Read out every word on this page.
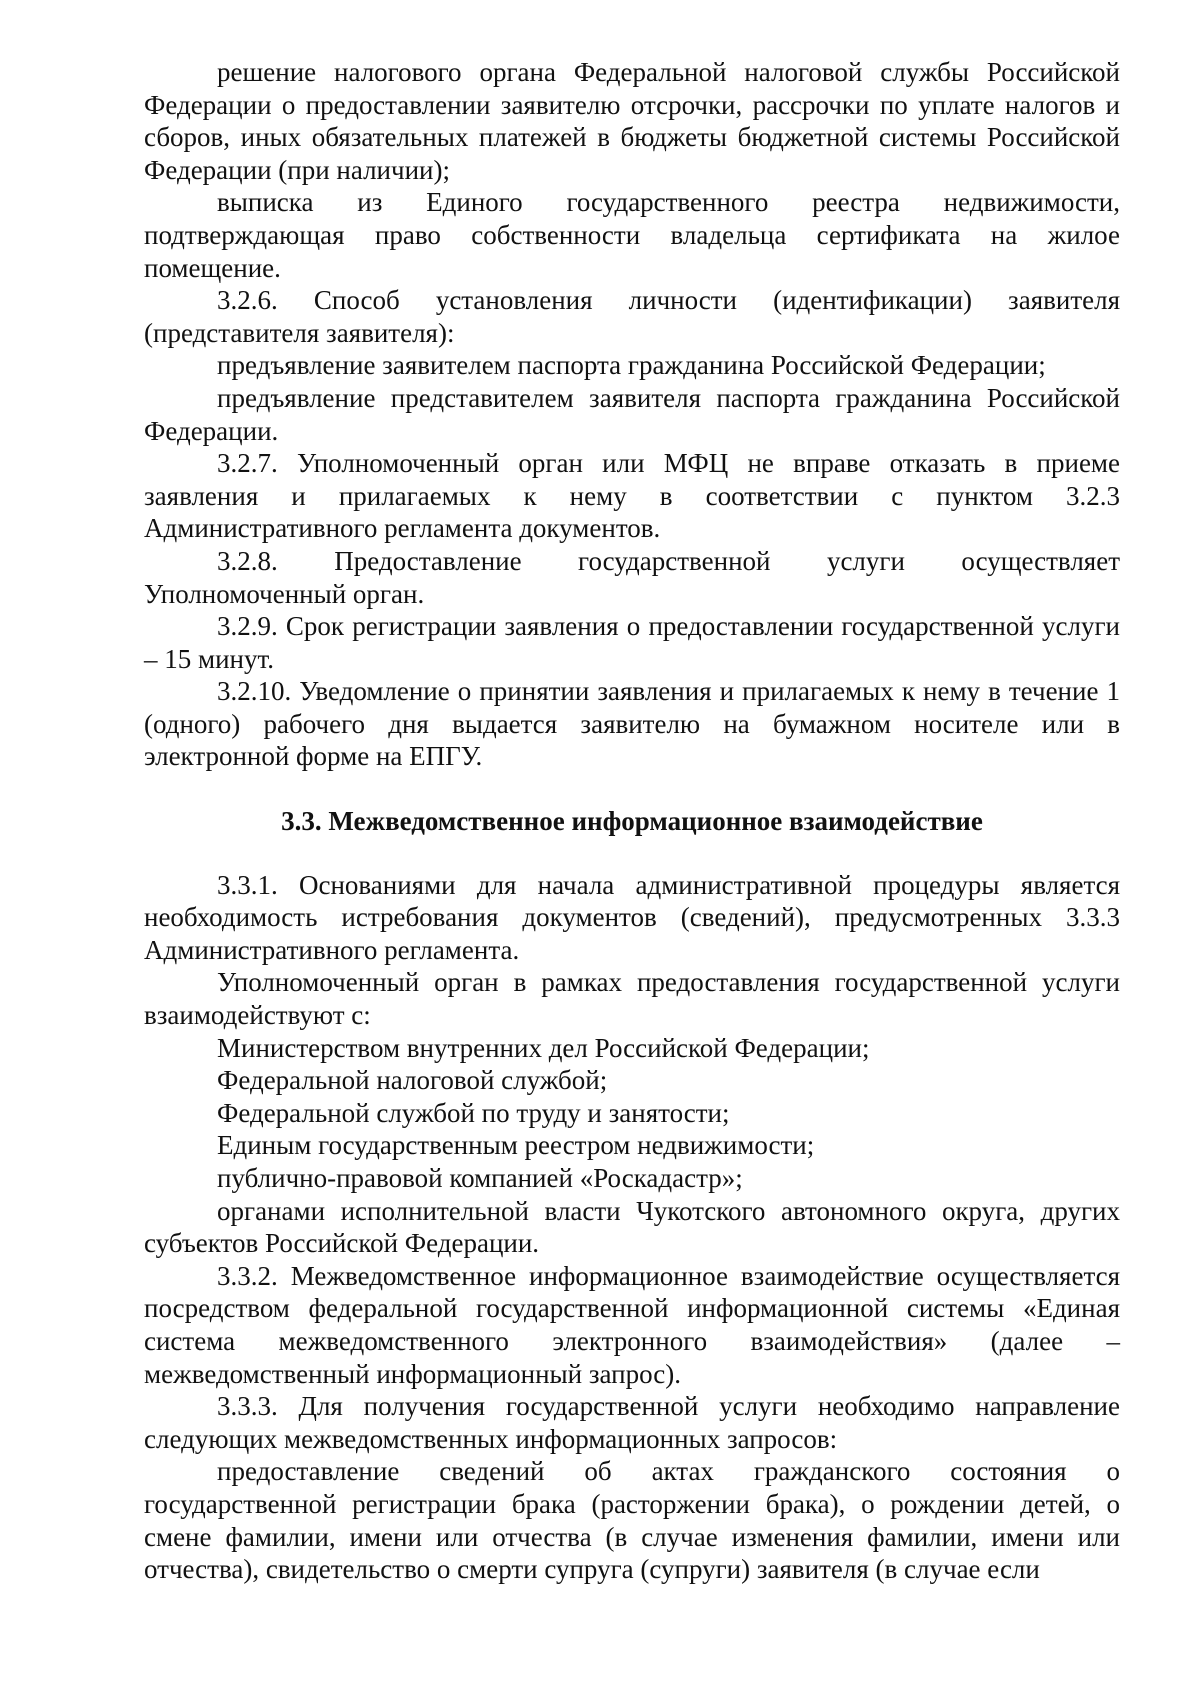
решение налогового органа Федеральной налоговой службы Российской Федерации о предоставлении заявителю отсрочки, рассрочки по уплате налогов и сборов, иных обязательных платежей в бюджеты бюджетной системы Российской Федерации (при наличии);

выписка из Единого государственного реестра недвижимости, подтверждающая право собственности владельца сертификата на жилое помещение.

3.2.6. Способ установления личности (идентификации) заявителя (представителя заявителя):

предъявление заявителем паспорта гражданина Российской Федерации;

предъявление представителем заявителя паспорта гражданина Российской Федерации.

3.2.7. Уполномоченный орган или МФЦ не вправе отказать в приеме заявления и прилагаемых к нему в соответствии с пунктом 3.2.3 Административного регламента документов.

3.2.8. Предоставление государственной услуги осуществляет Уполномоченный орган.

3.2.9. Срок регистрации заявления о предоставлении государственной услуги – 15 минут.

3.2.10. Уведомление о принятии заявления и прилагаемых к нему в течение 1 (одного) рабочего дня выдается заявителю на бумажном носителе или в электронной форме на ЕПГУ.

3.3. Межведомственное информационное взаимодействие

3.3.1. Основаниями для начала административной процедуры является необходимость истребования документов (сведений), предусмотренных 3.3.3 Административного регламента.

Уполномоченный орган в рамках предоставления государственной услуги взаимодействуют с:

Министерством внутренних дел Российской Федерации;

Федеральной налоговой службой;

Федеральной службой по труду и занятости;

Единым государственным реестром недвижимости;

публично-правовой компанией «Роскадастр»;

органами исполнительной власти Чукотского автономного округа, других субъектов Российской Федерации.

3.3.2. Межведомственное информационное взаимодействие осуществляется посредством федеральной государственной информационной системы «Единая система межведомственного электронного взаимодействия» (далее – межведомственный информационный запрос).

3.3.3. Для получения государственной услуги необходимо направление следующих межведомственных информационных запросов:

предоставление сведений об актах гражданского состояния о государственной регистрации брака (расторжении брака), о рождении детей, о смене фамилии, имени или отчества (в случае изменения фамилии, имени или отчества), свидетельство о смерти супруга (супруги) заявителя (в случае если
